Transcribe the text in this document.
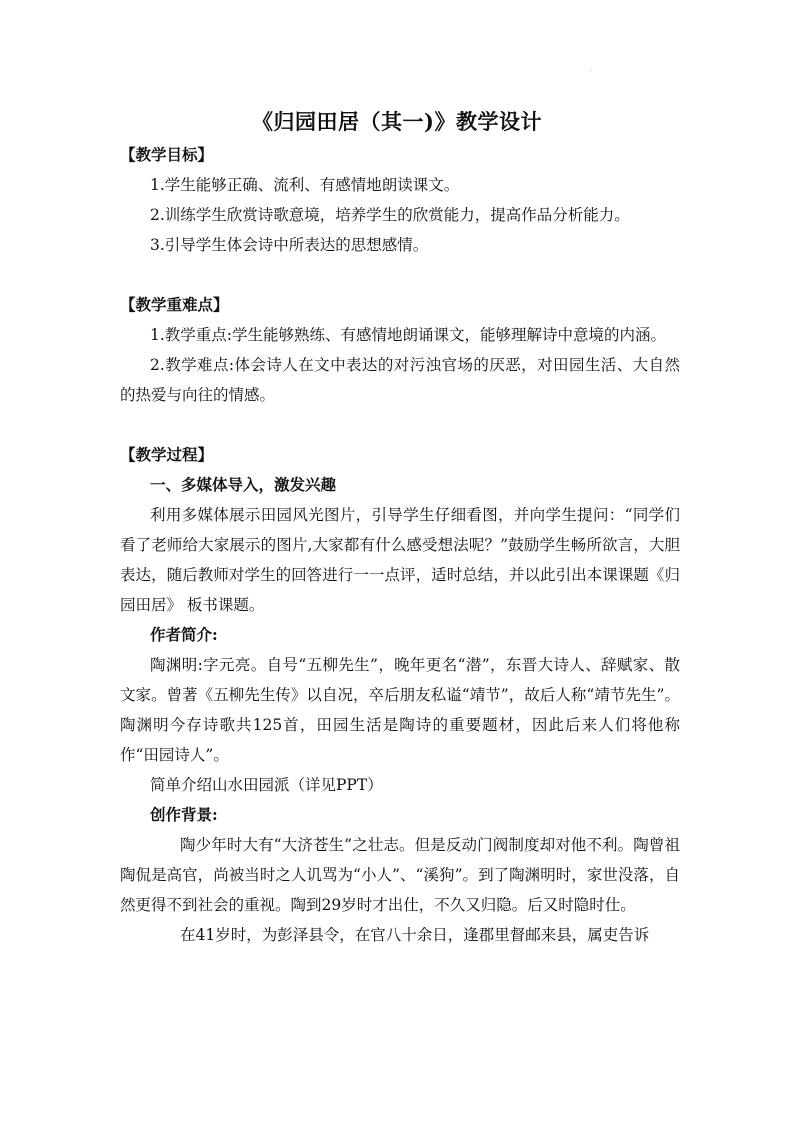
.
《归园田居（其一)》教学设计

【教学目标】

1.学生能够正确、流利、有感情地朗读课文。

2.训练学生欣赏诗歌意境，培养学生的欣赏能力，提高作品分析能力。

3.引导学生体会诗中所表达的思想感情。

【教学重难点】

1.教学重点:学生能够熟练、有感情地朗诵课文，能够理解诗中意境的内涵。

2.教学难点:体会诗人在文中表达的对污浊官场的厌恶，对田园生活、大自然的热爱与向往的情感。

【教学过程】

一、多媒体导入，激发兴趣

利用多媒体展示田园风光图片，引导学生仔细看图，并向学生提问：“同学们看了老师给大家展示的图片,大家都有什么感受想法呢？”鼓励学生畅所欲言，大胆表达，随后教师对学生的回答进行一一点评，适时总结，并以此引出本课课题《归园田居》 板书课题。

作者简介:

陶渊明:字元亮。自号“五柳先生”，晚年更名“潜”，东晋大诗人、辞赋家、散文家。曾著《五柳先生传》以自况，卒后朋友私谥“靖节”，故后人称“靖节先生”。 陶渊明今存诗歌共125首，田园生活是陶诗的重要题材，因此后来人们将他称作“田园诗人”。

简单介绍山水田园派（详见PPT）

创作背景:

陶少年时大有“大济苍生”之壮志。但是反动门阀制度却对他不利。陶曾祖陶侃是高官，尚被当时之人讥骂为“小人”、“溪狗”。到了陶渊明时，家世没落，自然更得不到社会的重视。陶到29岁时才出仕，不久又归隐。后又时隐时仕。

在41岁时，为彭泽县令，在官八十余日，逢郡里督邮来县，属吏告诉
